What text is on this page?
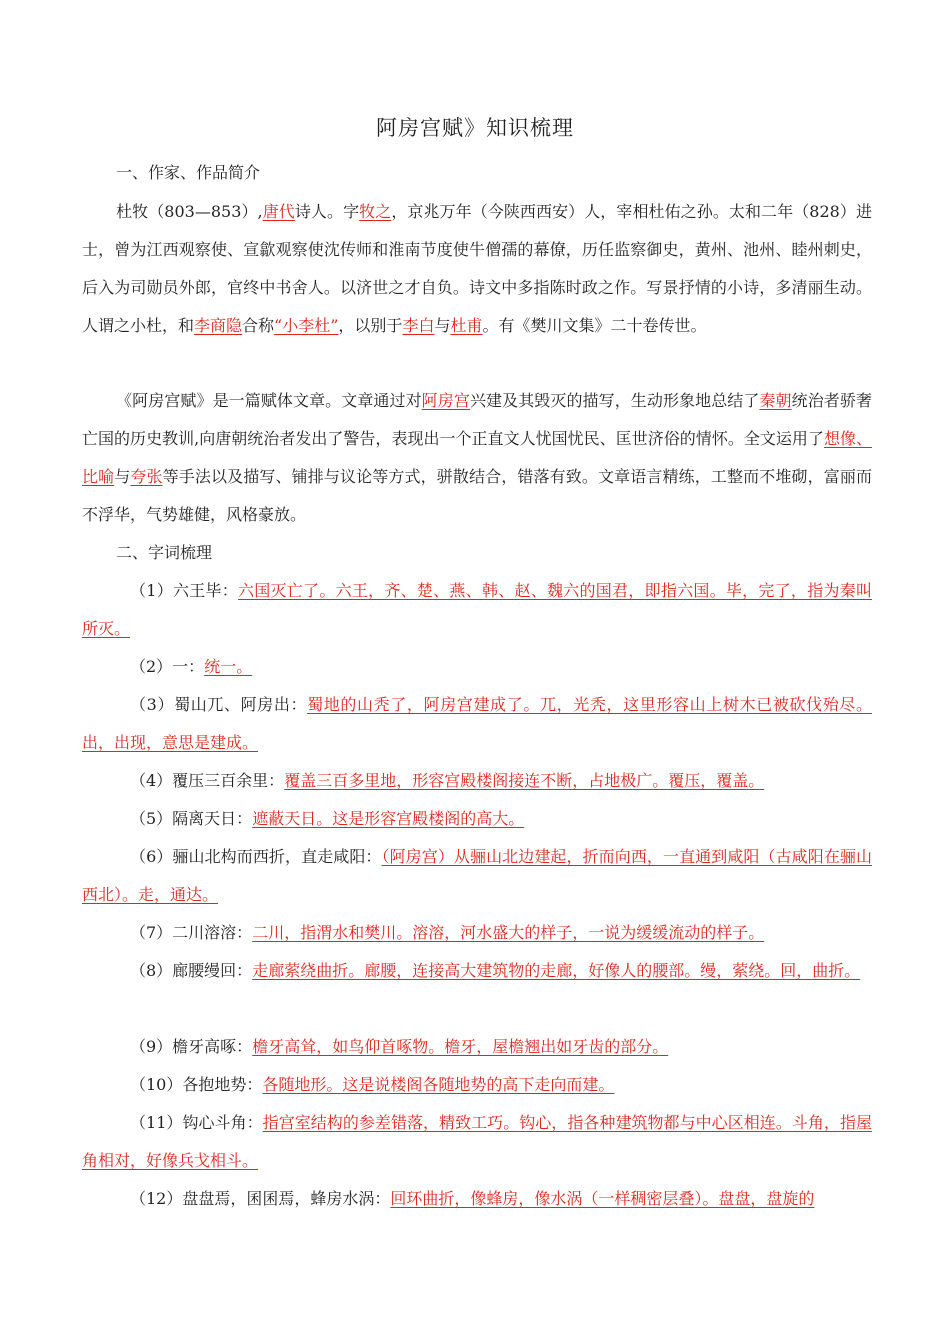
阿房宫赋》知识梳理
一、作家、作品简介
杜牧（803—853）,唐代诗人。字牧之，京兆万年（今陕西西安）人，宰相杜佑之孙。太和二年（828）进士，曾为江西观察使、宣歙观察使沈传师和淮南节度使牛僧孺的幕僚，历任监察御史，黄州、池州、睦州刺史，后入为司勋员外郎，官终中书舍人。以济世之才自负。诗文中多指陈时政之作。写景抒情的小诗，多清丽生动。人谓之小杜，和李商隐合称“小李杜”，以别于李白与杜甫。有《樊川文集》二十卷传世。
《阿房宫赋》是一篇赋体文章。文章通过对阿房宫兴建及其毁灭的描写，生动形象地总结了秦朝统治者骄奢亡国的历史教训,向唐朝统治者发出了警告，表现出一个正直文人忧国忧民、匡世济俗的情怀。全文运用了想像、比喻与夸张等手法以及描写、铺排与议论等方式，骈散结合，错落有致。文章语言精练，工整而不堆砌，富丽而不浮华，气势雄健，风格豪放。
二、字词梳理
（1）六王毕：六国灭亡了。六王，齐、楚、燕、韩、赵、魏六的国君，即指六国。毕，完了，指为秦叫所灭。
（2）一：统一。
（3）蜀山兀、阿房出：蜀地的山秃了，阿房宫建成了。兀，光秃，这里形容山上树木已被砍伐殆尽。出，出现，意思是建成。
（4）覆压三百余里：覆盖三百多里地，形容宫殿楼阁接连不断，占地极广。覆压，覆盖。
（5）隔离天日：遮蔽天日。这是形容宫殿楼阁的高大。
（6）骊山北构而西折，直走咸阳：（阿房宫）从骊山北边建起，折而向西，一直通到咸阳（古咸阳在骊山西北）。走，通达。
（7）二川溶溶：二川，指渭水和樊川。溶溶，河水盛大的样子，一说为缓缓流动的样子。
（8）廊腰缦回：走廊萦绕曲折。廊腰，连接高大建筑物的走廊，好像人的腰部。缦，萦绕。回，曲折。
（9）檐牙高啄：檐牙高耸，如鸟仰首啄物。檐牙，屋檐翘出如牙齿的部分。
（10）各抱地势：各随地形。这是说楼阁各随地势的高下走向而建。
（11）钩心斗角：指宫室结构的参差错落，精致工巧。钩心，指各种建筑物都与中心区相连。斗角，指屋角相对，好像兵戈相斗。
（12）盘盘焉，囷囷焉，蜂房水涡：回环曲折，像蜂房，像水涡（一样稠密层叠）。盘盘，盘旋的
